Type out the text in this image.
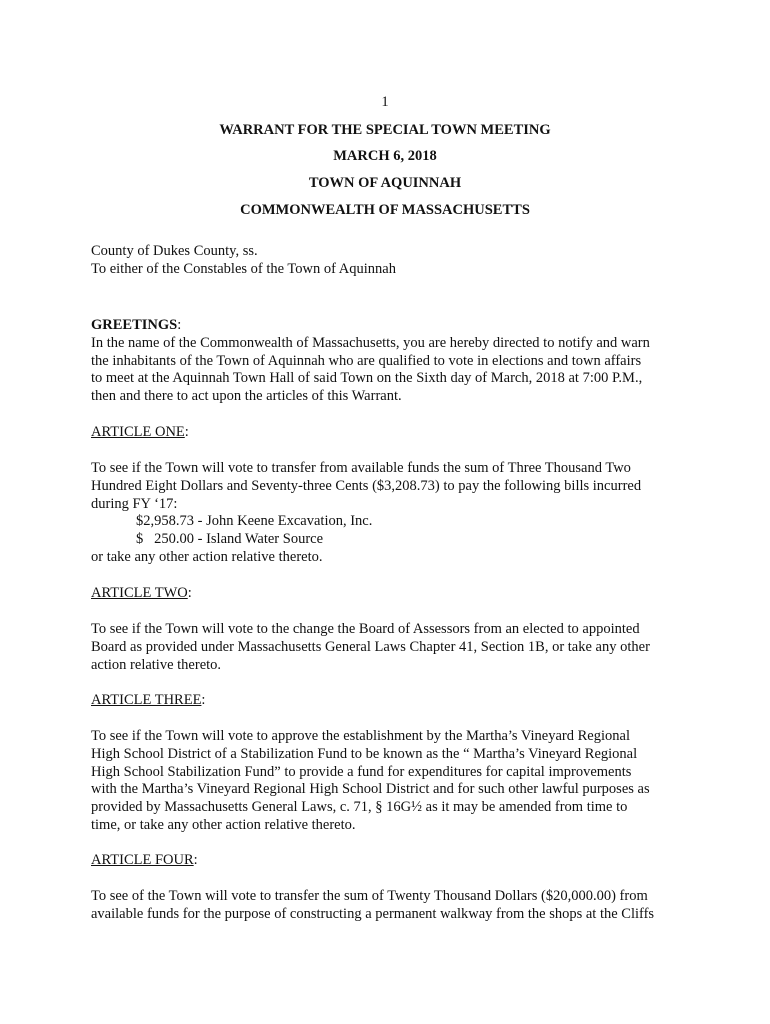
1
WARRANT FOR THE SPECIAL TOWN MEETING
MARCH 6, 2018
TOWN OF AQUINNAH
COMMONWEALTH OF MASSACHUSETTS
County of Dukes County, ss.
To either of the Constables of the Town of Aquinnah
GREETINGS:
In the name of the Commonwealth of Massachusetts, you are hereby directed to notify and warn
the inhabitants of the Town of Aquinnah who are qualified to vote in elections and town affairs
to meet at the Aquinnah Town Hall of said Town on the Sixth day of March, 2018 at 7:00 P.M.,
then and there to act upon the articles of this Warrant.
ARTICLE ONE:
To see if the Town will vote to transfer from available funds the sum of Three Thousand Two
Hundred Eight Dollars and Seventy-three Cents ($3,208.73) to pay the following bills incurred
during FY ‘17:
$2,958.73 - John Keene Excavation, Inc.
$   250.00 - Island Water Source
or take any other action relative thereto.
ARTICLE TWO:
To see if the Town will vote to the change the Board of Assessors from an elected to appointed
Board as provided under Massachusetts General Laws Chapter 41, Section 1B, or take any other
action relative thereto.
ARTICLE THREE:
To see if the Town will vote to approve the establishment by the Martha’s Vineyard Regional
High School District of a Stabilization Fund to be known as the “ Martha’s Vineyard Regional
High School Stabilization Fund” to provide a fund for expenditures for capital improvements
with the Martha’s Vineyard Regional High School District and for such other lawful purposes as
provided by Massachusetts General Laws, c. 71, § 16G½ as it may be amended from time to
time, or take any other action relative thereto.
ARTICLE FOUR:
To see of the Town will vote to transfer the sum of Twenty Thousand Dollars ($20,000.00) from
available funds for the purpose of constructing a permanent walkway from the shops at the Cliffs
